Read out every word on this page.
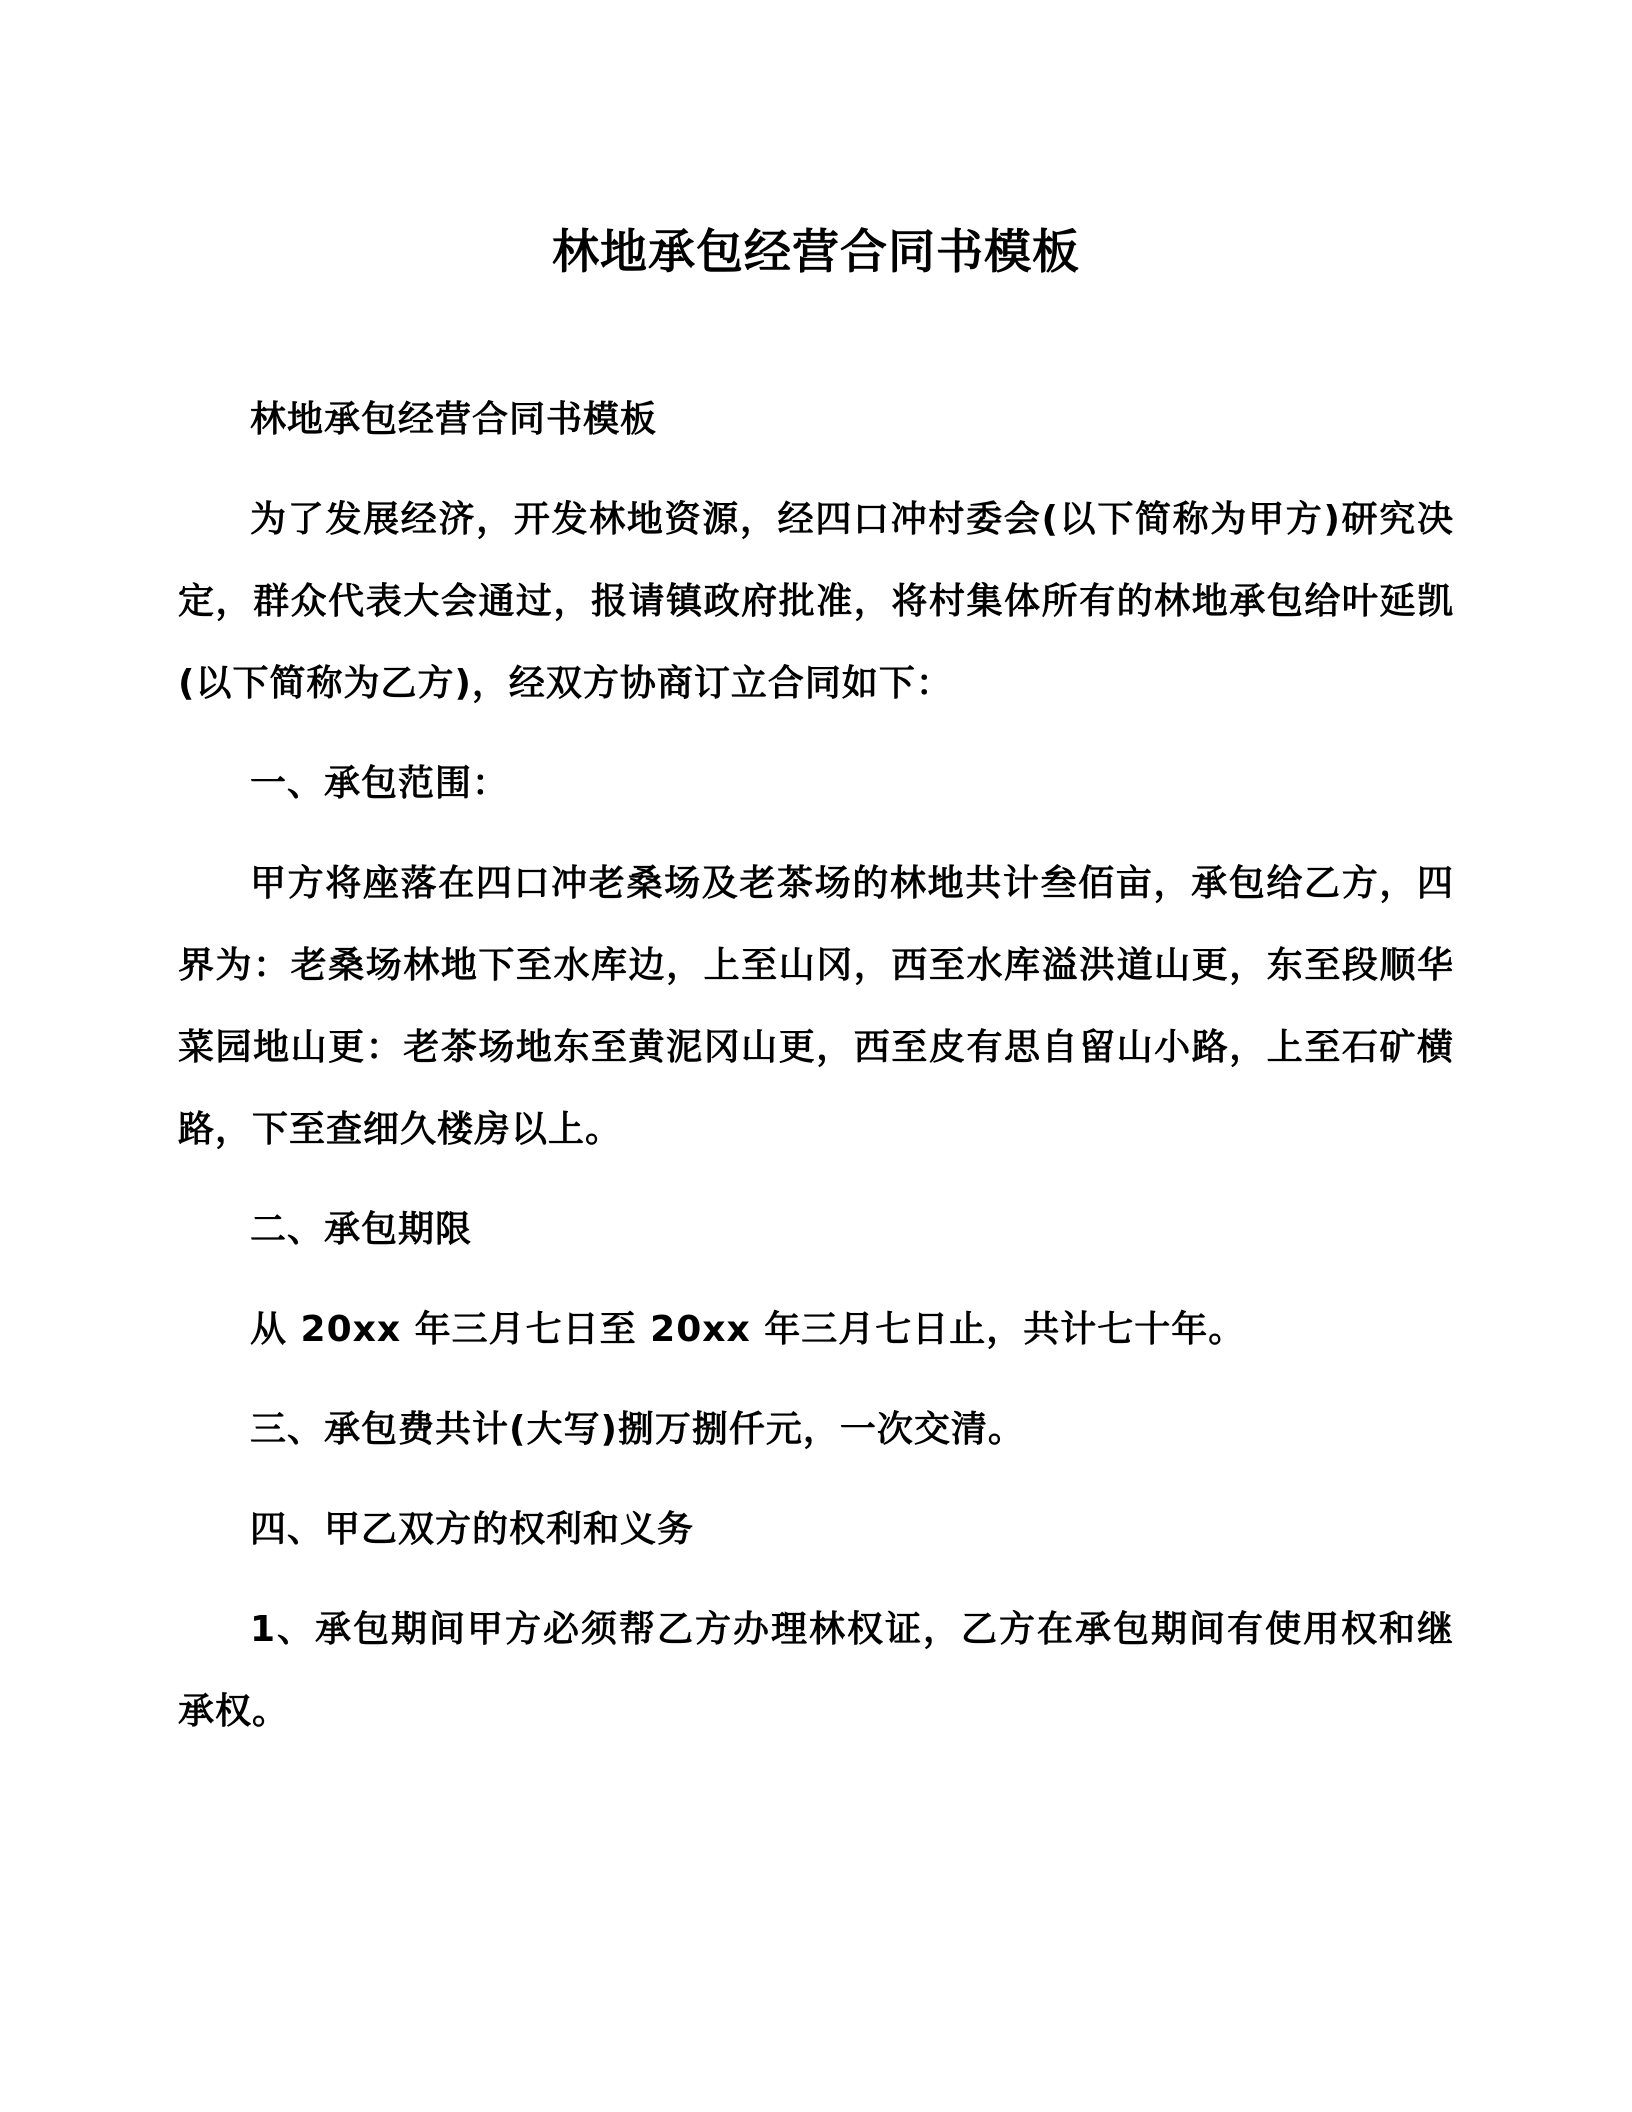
林地承包经营合同书模板

林地承包经营合同书模板

为了发展经济，开发林地资源，经四口冲村委会(以下简称为甲方)研究决定，群众代表大会通过，报请镇政府批准，将村集体所有的林地承包给叶延凯(以下简称为乙方)，经双方协商订立合同如下：

一、承包范围：

甲方将座落在四口冲老桑场及老茶场的林地共计叁佰亩，承包给乙方，四界为：老桑场林地下至水库边，上至山冈，西至水库溢洪道山更，东至段顺华菜园地山更：老茶场地东至黄泥冈山更，西至皮有思自留山小路，上至石矿横路，下至查细久楼房以上。

二、承包期限

从 20xx 年三月七日至 20xx 年三月七日止，共计七十年。

三、承包费共计(大写)捌万捌仟元，一次交清。

四、甲乙双方的权利和义务

1、承包期间甲方必须帮乙方办理林权证，乙方在承包期间有使用权和继承权。
